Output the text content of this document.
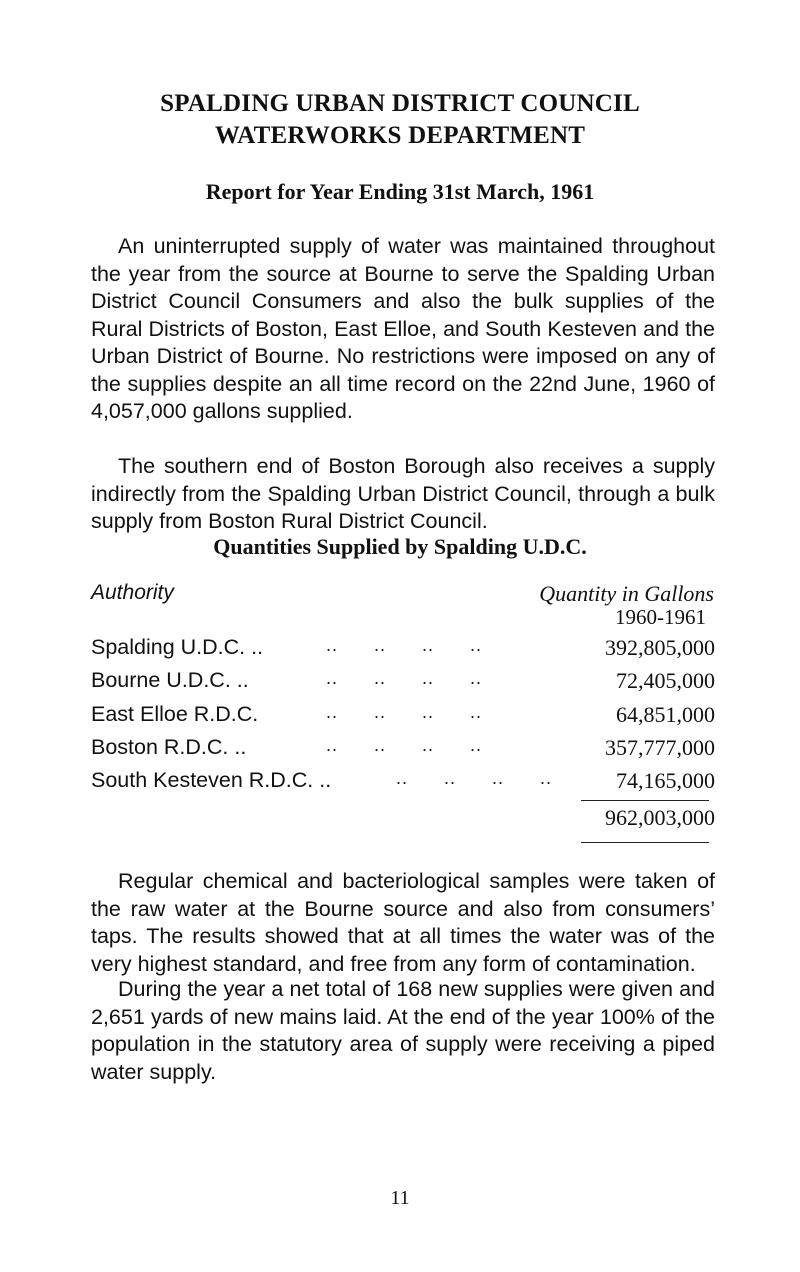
SPALDING URBAN DISTRICT COUNCIL
WATERWORKS DEPARTMENT
Report for Year Ending 31st March, 1961

An uninterrupted supply of water was maintained throughout the year from the source at Bourne to serve the Spalding Urban District Council Consumers and also the bulk supplies of the Rural Districts of Boston, East Elloe, and South Kesteven and the Urban District of Bourne. No restrictions were imposed on any of the supplies despite an all time record on the 22nd June, 1960 of 4,057,000 gallons supplied.

The southern end of Boston Borough also receives a supply indirectly from the Spalding Urban District Council, through a bulk supply from Boston Rural District Council.

Quantities Supplied by Spalding U.D.C.
Authority	Quantity in Gallons
1960-1961
Spalding U.D.C. ..	..      ..      ..      ..	392,805,000
Bourne U.D.C. ..	..      ..      ..      ..	72,405,000
East Elloe R.D.C.	..      ..      ..      ..	64,851,000
Boston R.D.C. ..	..      ..      ..      ..	357,777,000
South Kesteven R.D.C. ..	..      ..      ..      ..	74,165,000
962,003,000

Regular chemical and bacteriological samples were taken of the raw water at the Bourne source and also from consumers’ taps. The results showed that at all times the water was of the very highest standard, and free from any form of contamination.

During the year a net total of 168 new supplies were given and 2,651 yards of new mains laid. At the end of the year 100% of the population in the statutory area of supply were receiving a piped water supply.

11
